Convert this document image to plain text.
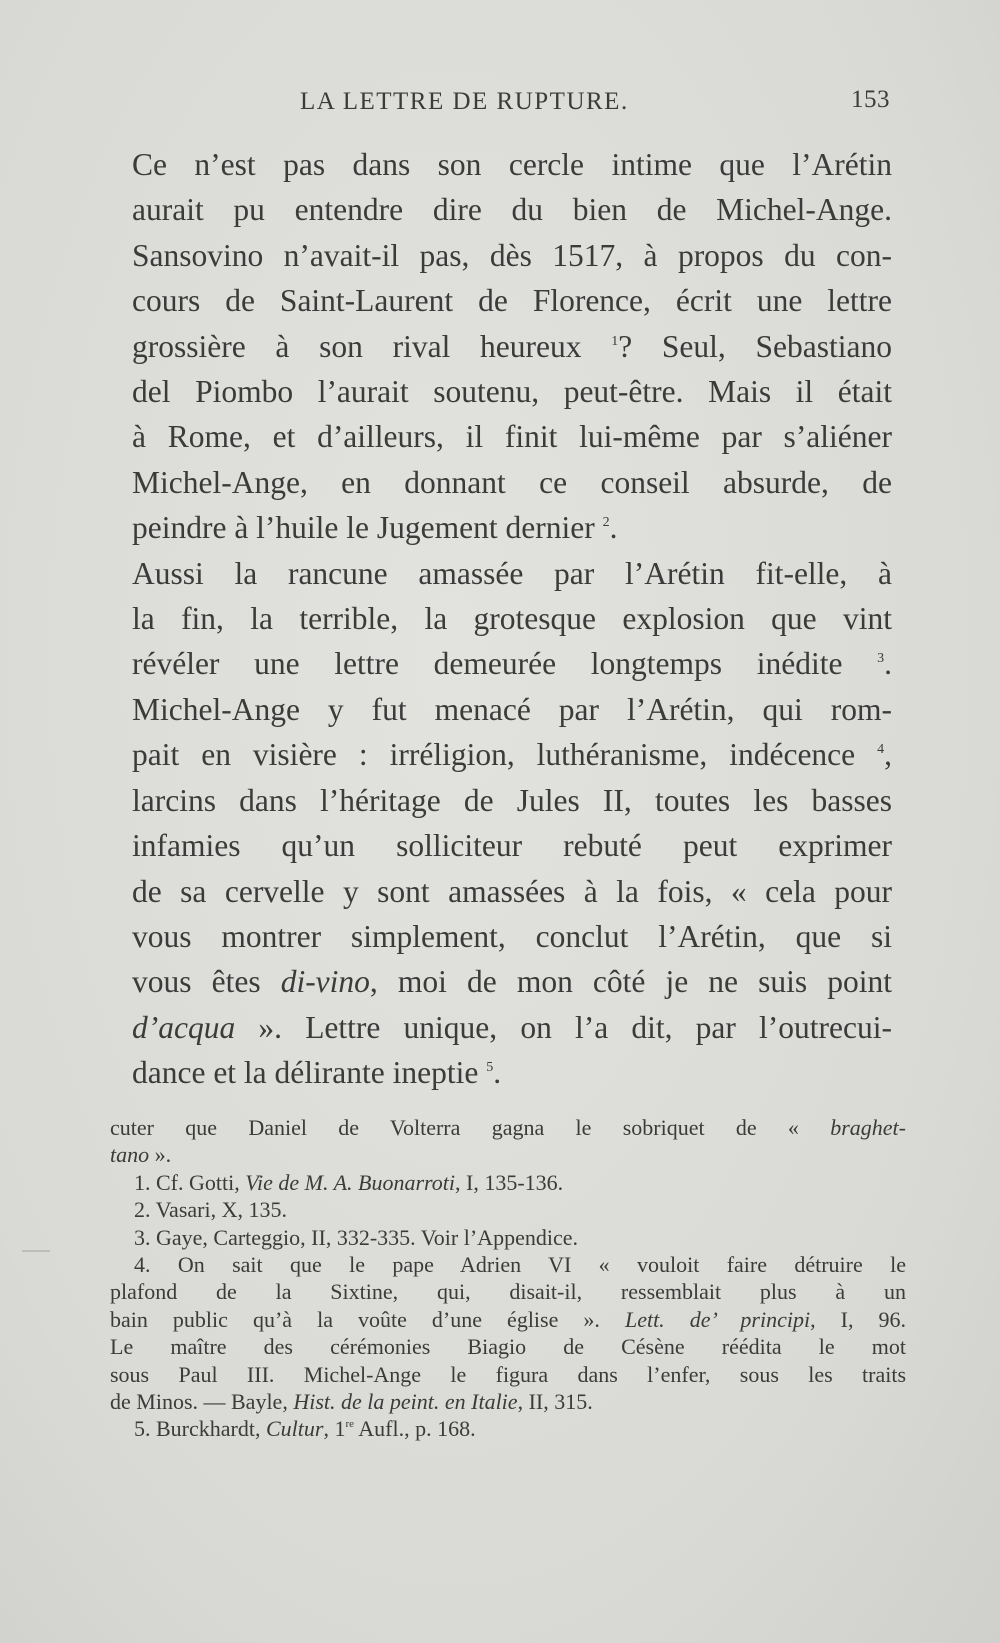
LA LETTRE DE RUPTURE.	153

Ce n’est pas dans son cercle intime que l’Arétin
aurait pu entendre dire du bien de Michel-Ange.
Sansovino n’avait-il pas, dès 1517, à propos du con-
cours de Saint-Laurent de Florence, écrit une lettre
grossière à son rival heureux $^1$? Seul, Sebastiano
del Piombo l’aurait soutenu, peut-être. Mais il était
à Rome, et d’ailleurs, il finit lui-même par s’aliéner
Michel-Ange, en donnant ce conseil absurde, de
peindre à l’huile le Jugement dernier $^2$.

Aussi la rancune amassée par l’Arétin fit-elle, à
la fin, la terrible, la grotesque explosion que vint
révéler une lettre demeurée longtemps inédite $^3$.
Michel-Ange y fut menacé par l’Arétin, qui rom-
pait en visière : irréligion, luthéranisme, indécence $^4$,
larcins dans l’héritage de Jules II, toutes les basses
infamies qu’un solliciteur rebuté peut exprimer
de sa cervelle y sont amassées à la fois, « cela pour
vous montrer simplement, conclut l’Arétin, que si
vous êtes di-vino, moi de mon côté je ne suis point
d’acqua ». Lettre unique, on l’a dit, par l’outrecui-
dance et la délirante ineptie $^5$.

cuter que Daniel de Volterra gagna le sobriquet de « braghet-
tano ».
1. Cf. Gotti, Vie de M. A. Buonarroti, I, 135-136.
2. Vasari, X, 135.
3. Gaye, Carteggio, II, 332-335. Voir l’Appendice.
4. On sait que le pape Adrien VI « vouloit faire détruire le
plafond de la Sixtine, qui, disait-il, ressemblait plus à un
bain public qu’à la voûte d’une église ». Lett. de’ principi, I, 96.
Le maître des cérémonies Biagio de Césène réédita le mot
sous Paul III. Michel-Ange le figura dans l’enfer, sous les traits
de Minos. — Bayle, Hist. de la peint. en Italie, II, 315.
5. Burckhardt, Cultur, 1re Aufl., p. 168.
